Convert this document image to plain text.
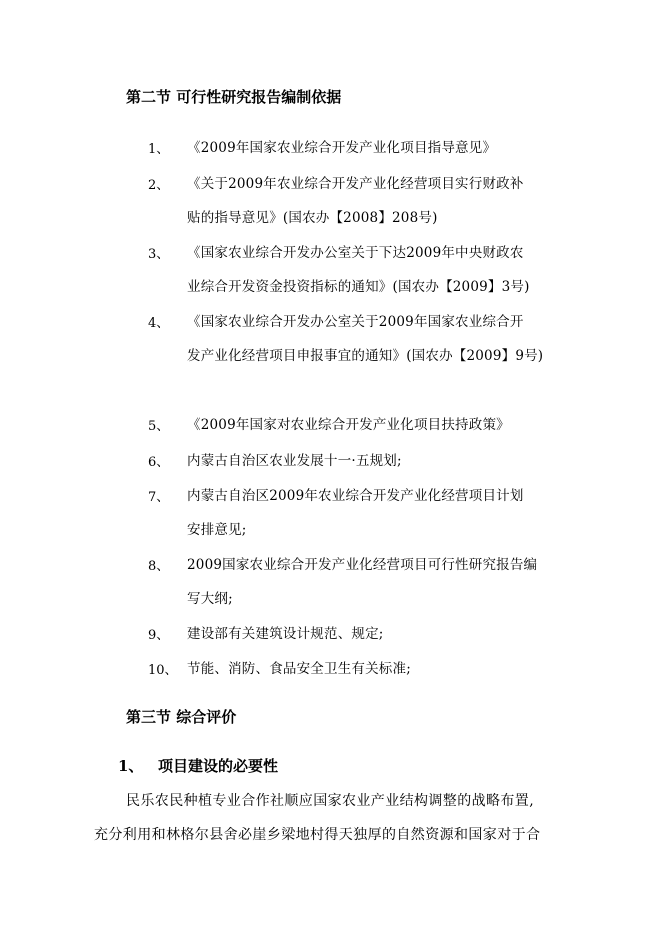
第二节 可行性研究报告编制依据
1、 《2009年国家农业综合开发产业化项目指导意见》
2、 《关于2009年农业综合开发产业化经营项目实行财政补
贴的指导意见》(国农办【2008】208号)
3、 《国家农业综合开发办公室关于下达2009年中央财政农
业综合开发资金投资指标的通知》(国农办【2009】3号)
4、 《国家农业综合开发办公室关于2009年国家农业综合开
发产业化经营项目申报事宜的通知》(国农办【2009】9号)
5、 《2009年国家对农业综合开发产业化项目扶持政策》
6、 内蒙古自治区农业发展十一·五规划;
7、 内蒙古自治区2009年农业综合开发产业化经营项目计划
安排意见;
8、 2009国家农业综合开发产业化经营项目可行性研究报告编
写大纲;
9、 建设部有关建筑设计规范、规定;
10、 节能、消防、食品安全卫生有关标准;
第三节 综合评价
1、 项目建设的必要性
民乐农民种植专业合作社顺应国家农业产业结构调整的战略布置,
充分利用和林格尔县舍必崖乡梁地村得天独厚的自然资源和国家对于合
